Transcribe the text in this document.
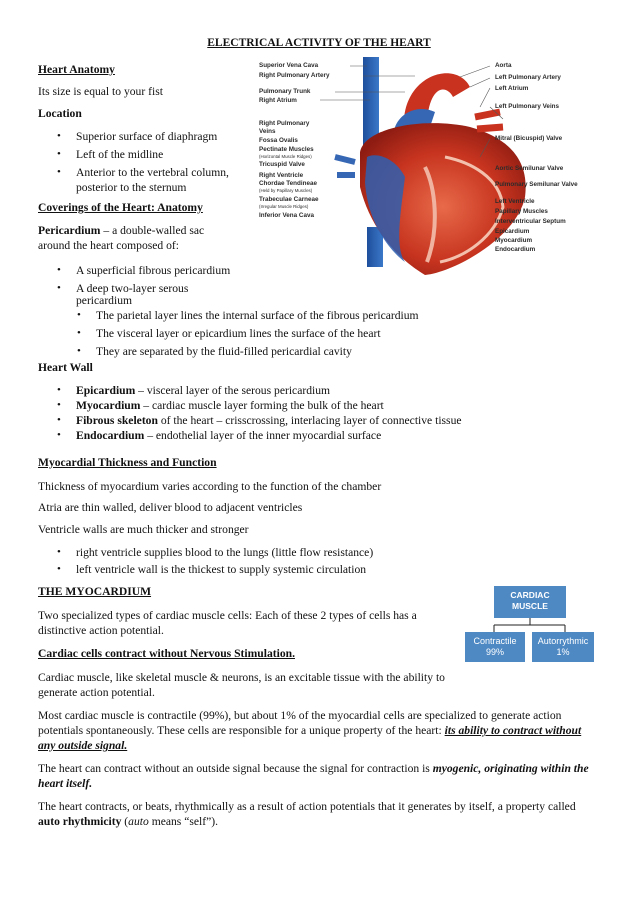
ELECTRICAL ACTIVITY OF THE HEART
Heart Anatomy
Its size is equal to your fist
Location
• Superior surface of diaphragm
• Left of the midline
• Anterior to the vertebral column,
posterior to the sternum
Coverings of the Heart: Anatomy
Pericardium – a double-walled sac
around the heart composed of:
• A superficial fibrous pericardium
• A deep two-layer serous
pericardium
• The parietal layer lines the internal surface of the fibrous pericardium
• The visceral layer or epicardium lines the surface of the heart
• They are separated by the fluid-filled pericardial cavity
Heart Wall
• Epicardium – visceral layer of the serous pericardium
• Myocardium – cardiac muscle layer forming the bulk of the heart
• Fibrous skeleton of the heart – crisscrossing, interlacing layer of connective tissue
• Endocardium – endothelial layer of the inner myocardial surface
Myocardial Thickness and Function
Thickness of myocardium varies according to the function of the chamber
Atria are thin walled, deliver blood to adjacent ventricles
Ventricle walls are much thicker and stronger
• right ventricle supplies blood to the lungs (little flow resistance)
• left ventricle wall is the thickest to supply systemic circulation
THE MYOCARDIUM
Two specialized types of cardiac muscle cells: Each of these 2 types of cells has a
distinctive action potential.
Cardiac cells contract without Nervous Stimulation.
Cardiac muscle, like skeletal muscle & neurons, is an excitable tissue with the ability to
generate action potential.
Most cardiac muscle is contractile (99%), but about 1% of the myocardial cells are specialized to generate action
potentials spontaneously. These cells are responsible for a unique property of the heart: its ability to contract without
any outside signal.
The heart can contract without an outside signal because the signal for contraction is myogenic, originating within the
heart itself.
The heart contracts, or beats, rhythmically as a result of action potentials that it generates by itself, a property called
auto rhythmicity (auto means “self”).
Superior Vena Cava
Right Pulmonary Artery
Pulmonary Trunk
Right Atrium
Right Pulmonary
Veins
Fossa Ovalis
Pectinate Muscles
(Horizontal Muscle Ridges)
Tricuspid Valve
Right Ventricle
Chordae Tendineae
(Held by Papillary Muscles)
Trabeculae Carneae
(Irregular Muscle Ridges)
Inferior Vena Cava
Aorta
Left Pulmonary Artery
Left Atrium
Left Pulmonary Veins
Mitral (Bicuspid) Valve
Aortic Semilunar Valve
Pulmonary Semilunar Valve
Left Ventricle
Papillary Muscles
Interventricular Septum
Epicardium
Myocardium
Endocardium
CARDIAC
MUSCLE
Contractile
99%
Autorrythmic
1%
